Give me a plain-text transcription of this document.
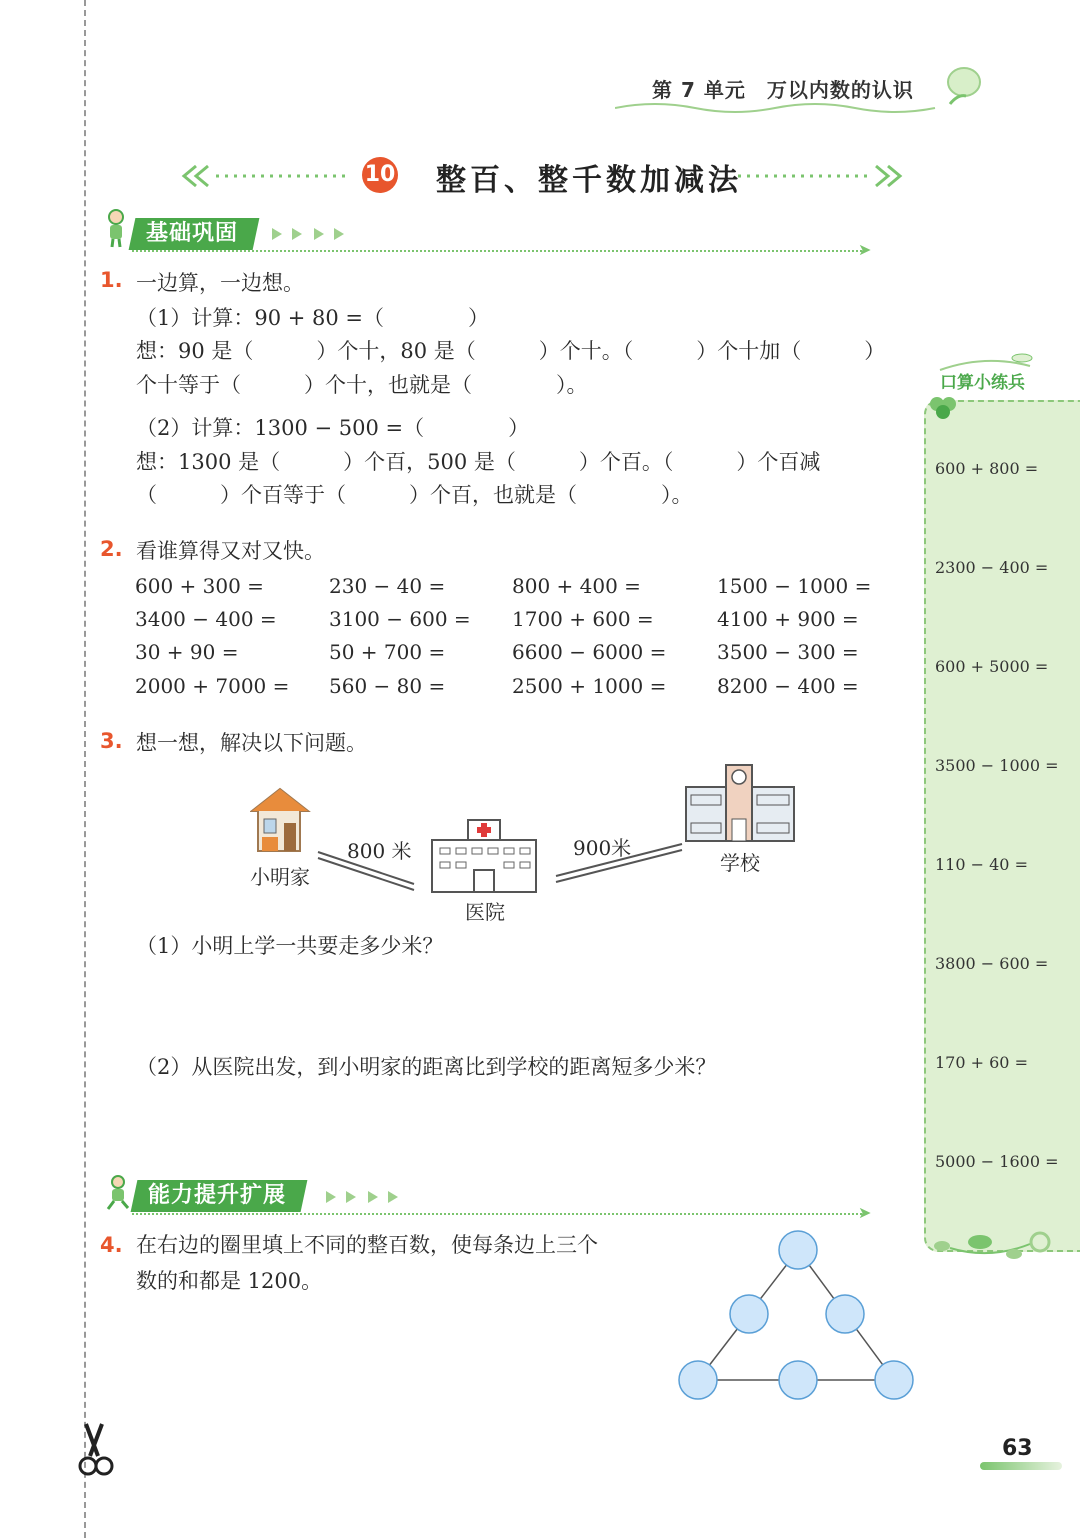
第 7 单元　万以内数的认识
10 整百、整千数加减法
基础巩固
➤
1. 一边算，一边想。
（1）计算：90 + 80 =（　　　　）
想：90 是（　　　）个十，80 是（　　　）个十。（　　　）个十加（　　　）
个十等于（　　　）个十，也就是（　　　　）。
（2）计算：1300 − 500 =（　　　　）
想：1300 是（　　　）个百，500 是（　　　）个百。（　　　）个百减
（　　　）个百等于（　　　）个百，也就是（　　　　）。
2. 看谁算得又对又快。
600 + 300 =	230 − 40 =	800 + 400 =	1500 − 1000 =
3400 − 400 =	3100 − 600 = 1700 + 600 =	4100 + 900 =
30 + 90 =	50 + 700 =	6600 − 6000 =	3500 − 300 =
2000 + 7000 = 560 − 80 =	2500 + 1000 =	8200 − 400 =
3. 想一想，解决以下问题。
小明家
800 米
医院
900米
学校
（1）小明上学一共要走多少米？
（2）从医院出发，到小明家的距离比到学校的距离短多少米？
能力提升扩展
➤
4. 在右边的圈里填上不同的整百数，使每条边上三个
数的和都是 1200。
口算小练兵
600 + 800 =
2300 − 400 =
600 + 5000 =
3500 − 1000 =
110 − 40 =
3800 − 600 =
170 + 60 =
5000 − 1600 =
63
